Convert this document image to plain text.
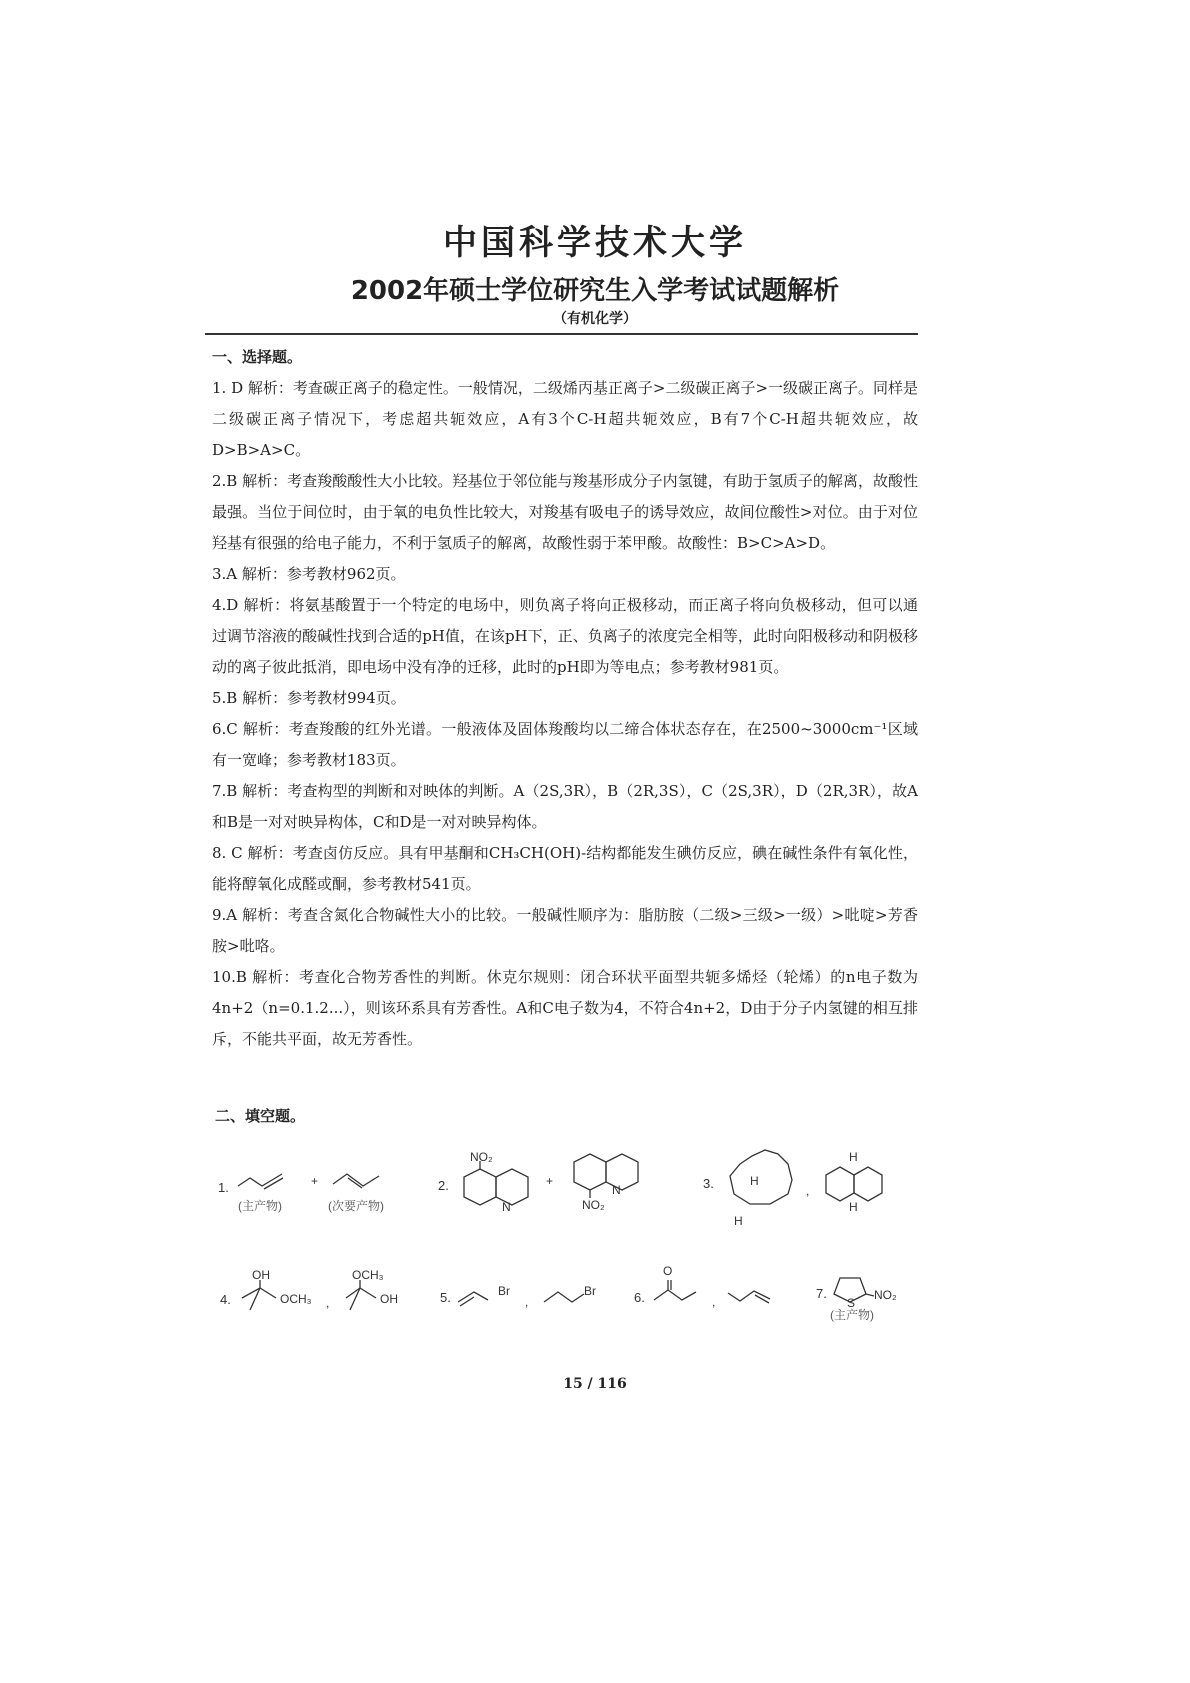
中国科学技术大学
2002年硕士学位研究生入学考试试题解析
（有机化学）
一、选择题。

1. D 解析：考查碳正离子的稳定性。一般情况，二级烯丙基正离子>二级碳正离子>一级碳正离子。同样是二级碳正离子情况下，考虑超共轭效应，A有3个C-H超共轭效应，B有7个C-H超共轭效应，故D>B>A>C。

2.B 解析：考查羧酸酸性大小比较。羟基位于邻位能与羧基形成分子内氢键，有助于氢质子的解离，故酸性最强。当位于间位时，由于氧的电负性比较大，对羧基有吸电子的诱导效应，故间位酸性>对位。由于对位羟基有很强的给电子能力，不利于氢质子的解离，故酸性弱于苯甲酸。故酸性：B>C>A>D。

3.A 解析：参考教材962页。

4.D 解析：将氨基酸置于一个特定的电场中，则负离子将向正极移动，而正离子将向负极移动，但可以通过调节溶液的酸碱性找到合适的pH值，在该pH下，正、负离子的浓度完全相等，此时向阳极移动和阴极移动的离子彼此抵消，即电场中没有净的迁移，此时的pH即为等电点；参考教材981页。

5.B 解析：参考教材994页。

6.C 解析：考查羧酸的红外光谱。一般液体及固体羧酸均以二缔合体状态存在，在2500~3000cm⁻¹区域有一宽峰；参考教材183页。

7.B 解析：考查构型的判断和对映体的判断。A（2S,3R），B（2R,3S），C（2S,3R），D（2R,3R），故A和B是一对对映异构体，C和D是一对对映异构体。

8. C 解析：考查卤仿反应。具有甲基酮和CH₃CH(OH)-结构都能发生碘仿反应，碘在碱性条件有氧化性，能将醇氧化成醛或酮，参考教材541页。

9.A 解析：考查含氮化合物碱性大小的比较。一般碱性顺序为：脂肪胺（二级>三级>一级）>吡啶>芳香胺>吡咯。

10.B 解析：考查化合物芳香性的判断。休克尔规则：闭合环状平面型共轭多烯烃（轮烯）的n电子数为4n+2（n=0.1.2...），则该环系具有芳香性。A和C电子数为4，不符合4n+2，D由于分子内氢键的相互排斥，不能共平面，故无芳香性。

二、填空题。
1.
(主产物)
+
(次要产物)
2.
NO₂
N
+
N
NO₂
3.	H
H
,
H
H
4.
OH
OCH₃ ,
OCH₃
OH	5.	Br
,
Br	6.
O
,
7.
S
NO₂
(主产物)
15 / 116
